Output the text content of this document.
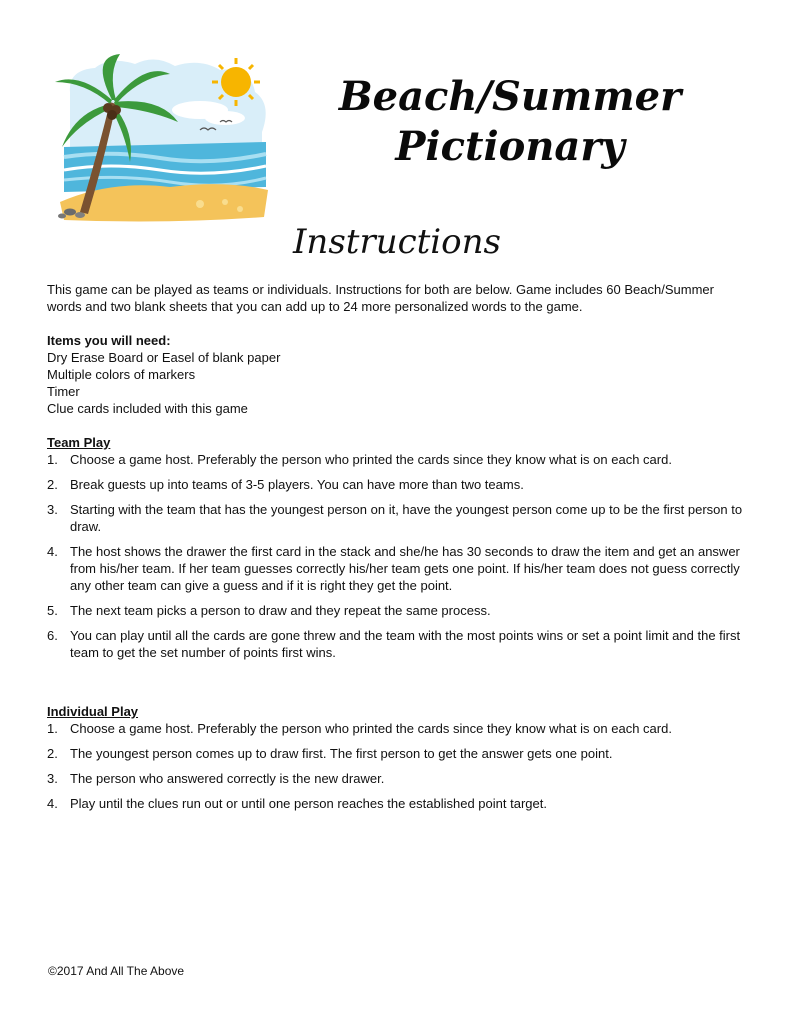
Beach/Summer
Pictionary
Instructions

This game can be played as teams or individuals. Instructions for both are below. Game includes 60 Beach/Summer words and two blank sheets that you can add up to 24 more personalized words to the game.

Items you will need:
Dry Erase Board or Easel of blank paper
Multiple colors of markers
Timer
Clue cards included with this game
Team Play
1. Choose a game host. Preferably the person who printed the cards since they know what is on each card.
2. Break guests up into teams of 3-5 players. You can have more than two teams.
3. Starting with the team that has the youngest person on it, have the youngest person come up to be the first person to draw.
4. The host shows the drawer the first card in the stack and she/he has 30 seconds to draw the item and get an answer from his/her team. If her team guesses correctly his/her team gets one point. If his/her team does not guess correctly any other team can give a guess and if it is right they get the point.
5. The next team picks a person to draw and they repeat the same process.
6. You can play until all the cards are gone threw and the team with the most points wins or set a point limit and the first team to get the set number of points first wins.
Individual Play
1. Choose a game host. Preferably the person who printed the cards since they know what is on each card.
2. The youngest person comes up to draw first. The first person to get the answer gets one point.
3. The person who answered correctly is the new drawer.
4. Play until the clues run out or until one person reaches the established point target.
©2017 And All The Above
